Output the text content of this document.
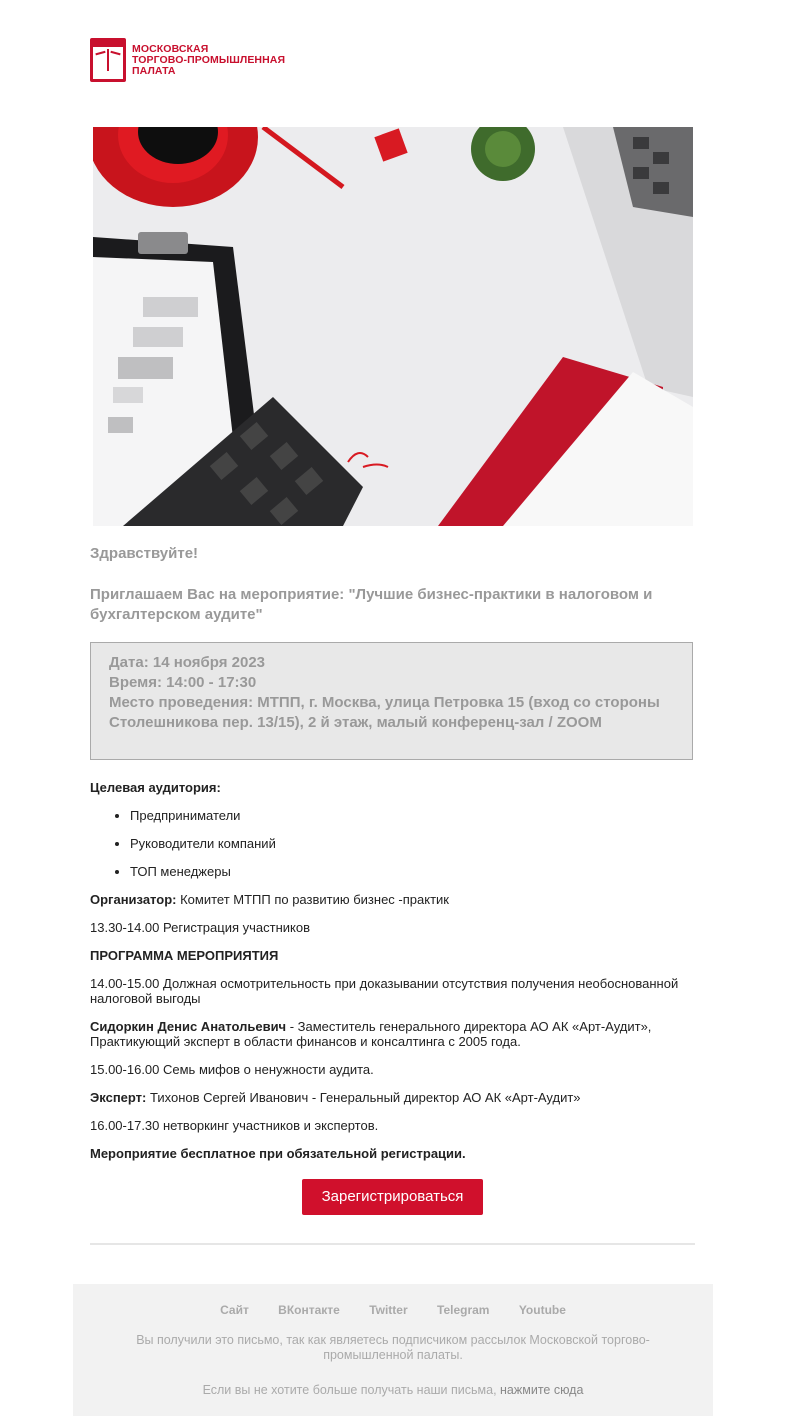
МОСКОВСКАЯ
ТОРГОВО-ПРОМЫШЛЕННАЯ
ПАЛАТА
Здравствуйте!
Приглашаем Вас на мероприятие: "Лучшие бизнес-практики в налоговом и бухгалтерском аудите"
Дата: 14 ноября 2023
Время: 14:00 - 17:30
Место проведения: МТПП, г. Москва, улица Петровка 15 (вход со стороны Столешникова пер. 13/15), 2 й этаж, малый конференц-зал / ZOOM
Целевая аудитория:
• Предприниматели
• Руководители компаний
• ТОП менеджеры
Организатор: Комитет МТПП по развитию бизнес -практик
13.30-14.00 Регистрация участников
ПРОГРАММА МЕРОПРИЯТИЯ
14.00-15.00 Должная осмотрительность при доказывании отсутствия получения необоснованной налоговой выгоды
Сидоркин Денис Анатольевич - Заместитель генерального директора АО АК «Арт-Аудит», Практикующий эксперт в области финансов и консалтинга с 2005 года.
15.00-16.00 Семь мифов о ненужности аудита.
Эксперт: Тихонов Сергей Иванович - Генеральный директор АО АК «Арт-Аудит»
16.00-17.30 нетворкинг участников и экспертов.
Мероприятие бесплатное при обязательной регистрации.
Зарегистрироваться
Сайт ВКонтакте Twitter Telegram Youtube
Вы получили это письмо, так как являетесь подписчиком рассылок Московской торгово-промышленной палаты.
Если вы не хотите больше получать наши письма, нажмите сюда
